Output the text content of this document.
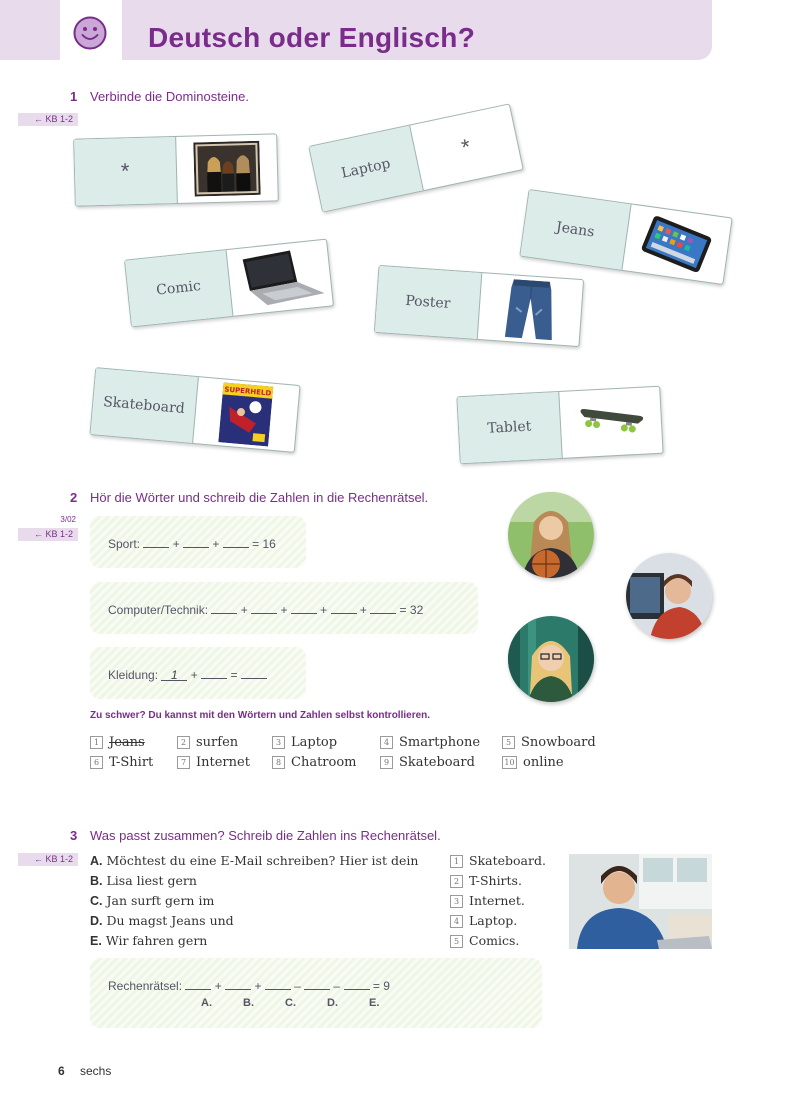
Deutsch oder Englisch?
1 Verbinde die Dominosteine.
← KB 1-2
*	Laptop
*
Jeans
Comic
Poster
Skateboard
SUPERHELD
Tablet
2 Hör die Wörter und schreib die Zahlen in die Rechenrätsel.
3/02
← KB 1-2
Sport:	+	+	= 16
Computer/Technik:	+	+	+	+	= 32
Kleidung: 1 +	=
Zu schwer? Du kannst mit den Wörtern und Zahlen selbst kontrollieren.
1 Jeans	2 surfen	3 Laptop	4 Smartphone	5 Snowboard
6 T-Shirt	7 Internet	8 Chatroom	9 Skateboard	10 online
3 Was passt zusammen? Schreib die Zahlen ins Rechenrätsel.
← KB 1-2	A. Möchtest du eine E-Mail schreiben? Hier ist dein
B. Lisa liest gern
C. Jan surft gern im
D. Du magst Jeans und
E. Wir fahren gern
1 Skateboard.
2 T-Shirts.
3 Internet.
4 Laptop.
5 Comics.
Rechenrätsel:	+	+	–	–	= 9
A.	B.	C.	D.	E.
6 sechs
